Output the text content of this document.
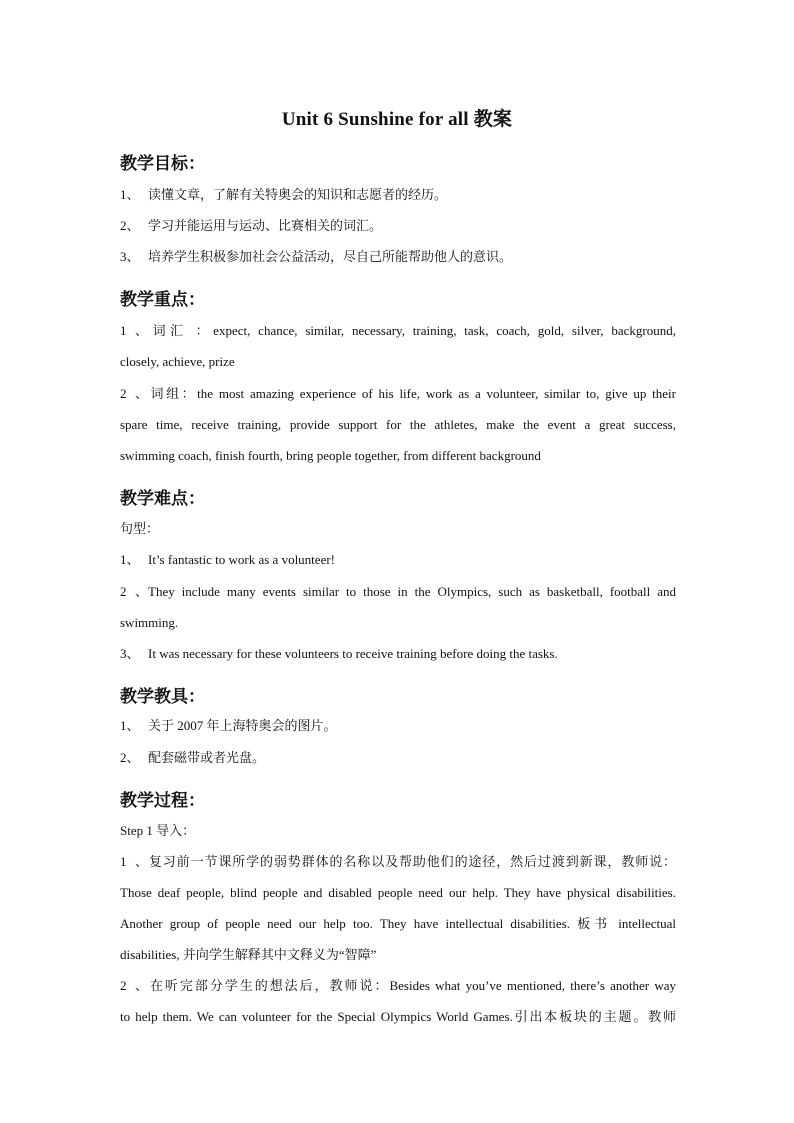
Unit 6 Sunshine for all 教案
教学目标：
1、 读懂文章，了解有关特奥会的知识和志愿者的经历。
2、 学习并能运用与运动、比赛相关的词汇。
3、 培养学生积极参加社会公益活动，尽自己所能帮助他人的意识。
教学重点：
1、词汇 ：expect, chance, similar, necessary, training, task, coach, gold, silver, background,
closely, achieve, prize
2、词组：the most amazing experience of his life, work as a volunteer, similar to, give up their
spare time, receive training, provide support for the athletes, make the event a great success,
swimming coach, finish fourth, bring people together, from different background
教学难点：
句型：
1、 It’s fantastic to work as a volunteer!
2、They include many events similar to those in the Olympics, such as basketball, football and
swimming.
3、 It was necessary for these volunteers to receive training before doing the tasks.
教学教具：
1、 关于 2007 年上海特奥会的图片。
2、 配套磁带或者光盘。
教学过程：
Step 1 导入：
1、复习前一节课所学的弱势群体的名称以及帮助他们的途径，然后过渡到新课，教师说：
Those deaf people, blind people and disabled people need our help. They have physical disabilities.
Another group of people need our help too. They have intellectual disabilities. 板书 intellectual
disabilities, 并向学生解释其中文释义为“智障”
2、在听完部分学生的想法后，教师说：Besides what you’ve mentioned, there’s another way
to help them. We can volunteer for the Special Olympics World Games.引出本板块的主题。教师
